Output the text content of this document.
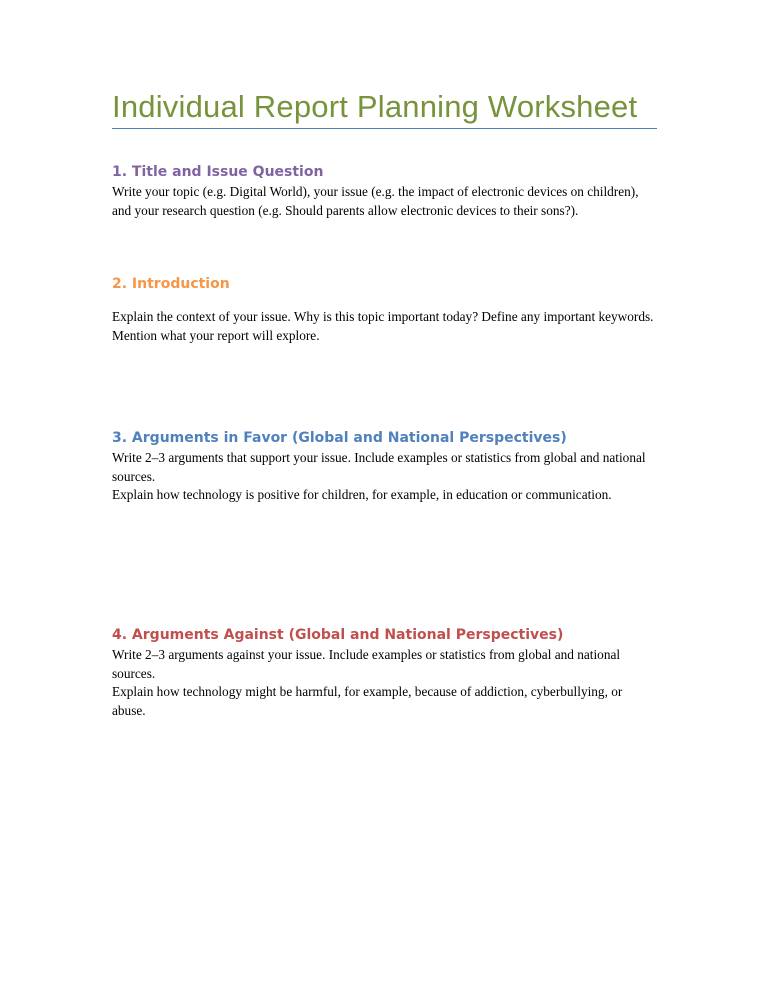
Individual Report Planning Worksheet
1. Title and Issue Question

Write your topic (e.g. Digital World), your issue (e.g. the impact of electronic devices on children), and your research question (e.g. Should parents allow electronic devices to their sons?).

2. Introduction

Explain the context of your issue. Why is this topic important today? Define any important keywords. Mention what your report will explore.

3. Arguments in Favor (Global and National Perspectives)

Write 2–3 arguments that support your issue. Include examples or statistics from global and national sources.

Explain how technology is positive for children, for example, in education or communication.

4. Arguments Against (Global and National Perspectives)

Write 2–3 arguments against your issue. Include examples or statistics from global and national sources.

Explain how technology might be harmful, for example, because of addiction, cyberbullying, or abuse.
